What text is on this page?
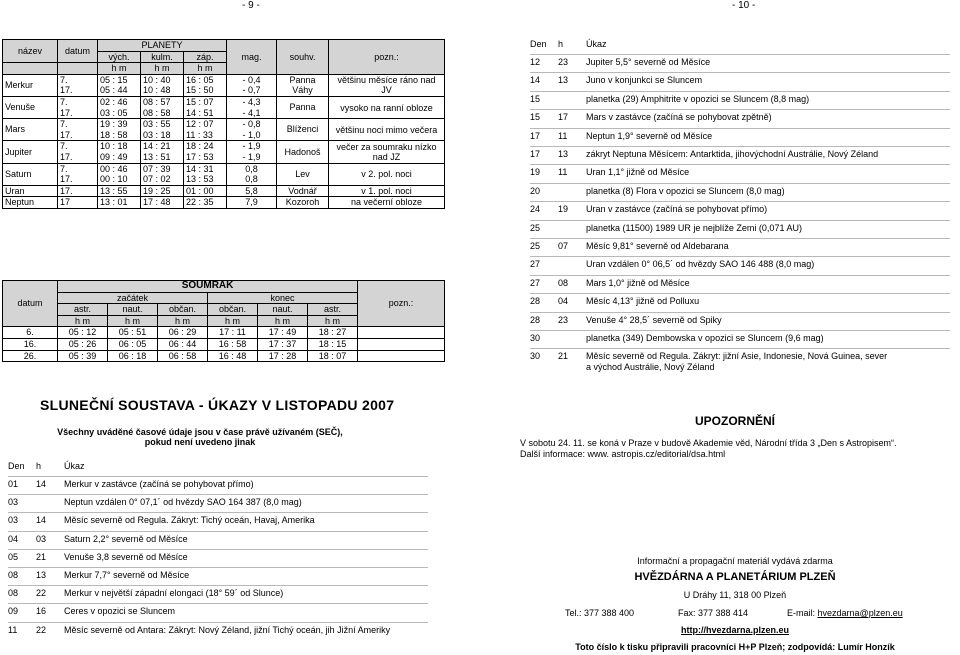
- 9 -	- 10 -
název	datum	PLANETY			mag.	souhv.	pozn.:
		vých.	kulm.	záp.			
		h m	h m	h m			
Merkur	7.	05 : 15	10 : 40	16 : 05	- 0,4	Panna	většinu měsíce ráno nad JV
	17.	05 : 44	10 : 48	15 : 50	- 0,7	Váhy	
Venuše	7.	02 : 46	08 : 57	15 : 07	- 4,3	Panna	vysoko na ranní obloze
	17.	03 : 05	08 : 58	14 : 51	- 4,1		
Mars	7.	19 : 39	03 : 55	12 : 07	- 0,8	Blíženci	většinu noci mimo večera
	17.	18 : 58	03 : 18	11 : 33	- 1,0		
Jupiter	7.	10 : 18	14 : 21	18 : 24	- 1,9	Hadonoš	večer za soumraku nízko nad JZ
	17.	09 : 49	13 : 51	17 : 53	- 1,9		
Saturn	7.	00 : 46	07 : 39	14 : 31	0,8	Lev	v 2. pol. noci
	17.	00 : 10	07 : 02	13 : 53	0,8		
Uran	17.	13 : 55	19 : 25	01 : 00	5,8	Vodnář	v 1. pol. noci
Neptun	17	13 : 01	17 : 48	22 : 35	7,9	Kozoroh	na večerní obloze
datum	SOUMRAK						pozn.:
	začátek			konec			
	astr.	naut.	občan.	občan.	naut.	astr.	
	h m	h m	h m	h m	h m	h m	
6.	05 : 12	05 : 51	06 : 29	17 : 11	17 : 49	18 : 27	
16.	05 : 26	06 : 05	06 : 44	16 : 58	17 : 37	18 : 15	
26.	05 : 39	06 : 18	06 : 58	16 : 48	17 : 28	18 : 07	
SLUNEČNÍ SOUSTAVA - ÚKAZY V LISTOPADU 2007
Všechny uváděné časové údaje jsou v čase právě užívaném (SEČ),
pokud není uvedeno jinak
Den	h	Úkaz
01	14	Merkur v zastávce (začíná se pohybovat přímo)
03	Neptun vzdálen 0° 07,1´ od hvězdy SAO 164 387 (8,0 mag)
03	14	Měsíc severně od Regula. Zákryt: Tichý oceán, Havaj, Amerika
04	03	Saturn 2,2° severně od Měsíce
05	21	Venuše 3,8 severně od Měsíce
08	13	Merkur 7,7° severně od Měsíce
08	22	Merkur v největší západní elongaci (18° 59´ od Slunce)
09	16	Ceres v opozici se Sluncem
11	22	Měsíc severně od Antara: Zákryt: Nový Zéland, jižní Tichý oceán, jih Jižní Ameriky
Den	h	Úkaz
12	23	Jupiter 5,5° severně od Měsíce
14	13	Juno v konjunkci se Sluncem
15	planetka (29) Amphitrite v opozici se Sluncem (8,8 mag)
15	17	Mars v zastávce (začíná se pohybovat zpětně)
17	11	Neptun 1,9° severně od Měsíce
17	13	zákryt Neptuna Měsícem: Antarktida, jihovýchodní Austrálie, Nový Zéland
19	11	Uran 1,1° jižně od Měsíce
20	planetka (8) Flora v opozici se Sluncem (8,0 mag)
24	19	Uran v zastávce (začíná se pohybovat přímo)
25	planetka (11500) 1989 UR je nejblíže Zemi (0,071 AU)
25	07	Měsíc 9,81° severně od Aldebarana
27	Uran vzdálen 0° 06,5´ od hvězdy SAO 146 488 (8,0 mag)
27	08	Mars 1,0° jižně od Měsíce
28	04	Měsíc 4,13° jižně od Polluxu
28	23	Venuše 4° 28,5´ severně od Spiky
30	planetka (349) Dembowska v opozici se Sluncem (9,6 mag)
30	21	Měsíc severně od Regula. Zákryt: jižní Asie, Indonesie, Nová Guinea, sever
a východ Austrálie, Nový Zéland
UPOZORNĚNÍ
V sobotu 24. 11. se koná v Praze v budově Akademie věd, Národní třída 3 „Den s Astropisem“.
Další informace: www. astropis.cz/editorial/dsa.html
Informační a propagační materiál vydává zdarma
HVĚZDÁRNA A PLANETÁRIUM PLZEŇ
U Dráhy 11, 318 00 Plzeň
Tel.: 377 388 400	Fax: 377 388 414	E-mail: hvezdarna@plzen.eu
http://hvezdarna.plzen.eu
Toto číslo k tisku připravili pracovníci H+P Plzeň; zodpovídá: Lumír Honzík
